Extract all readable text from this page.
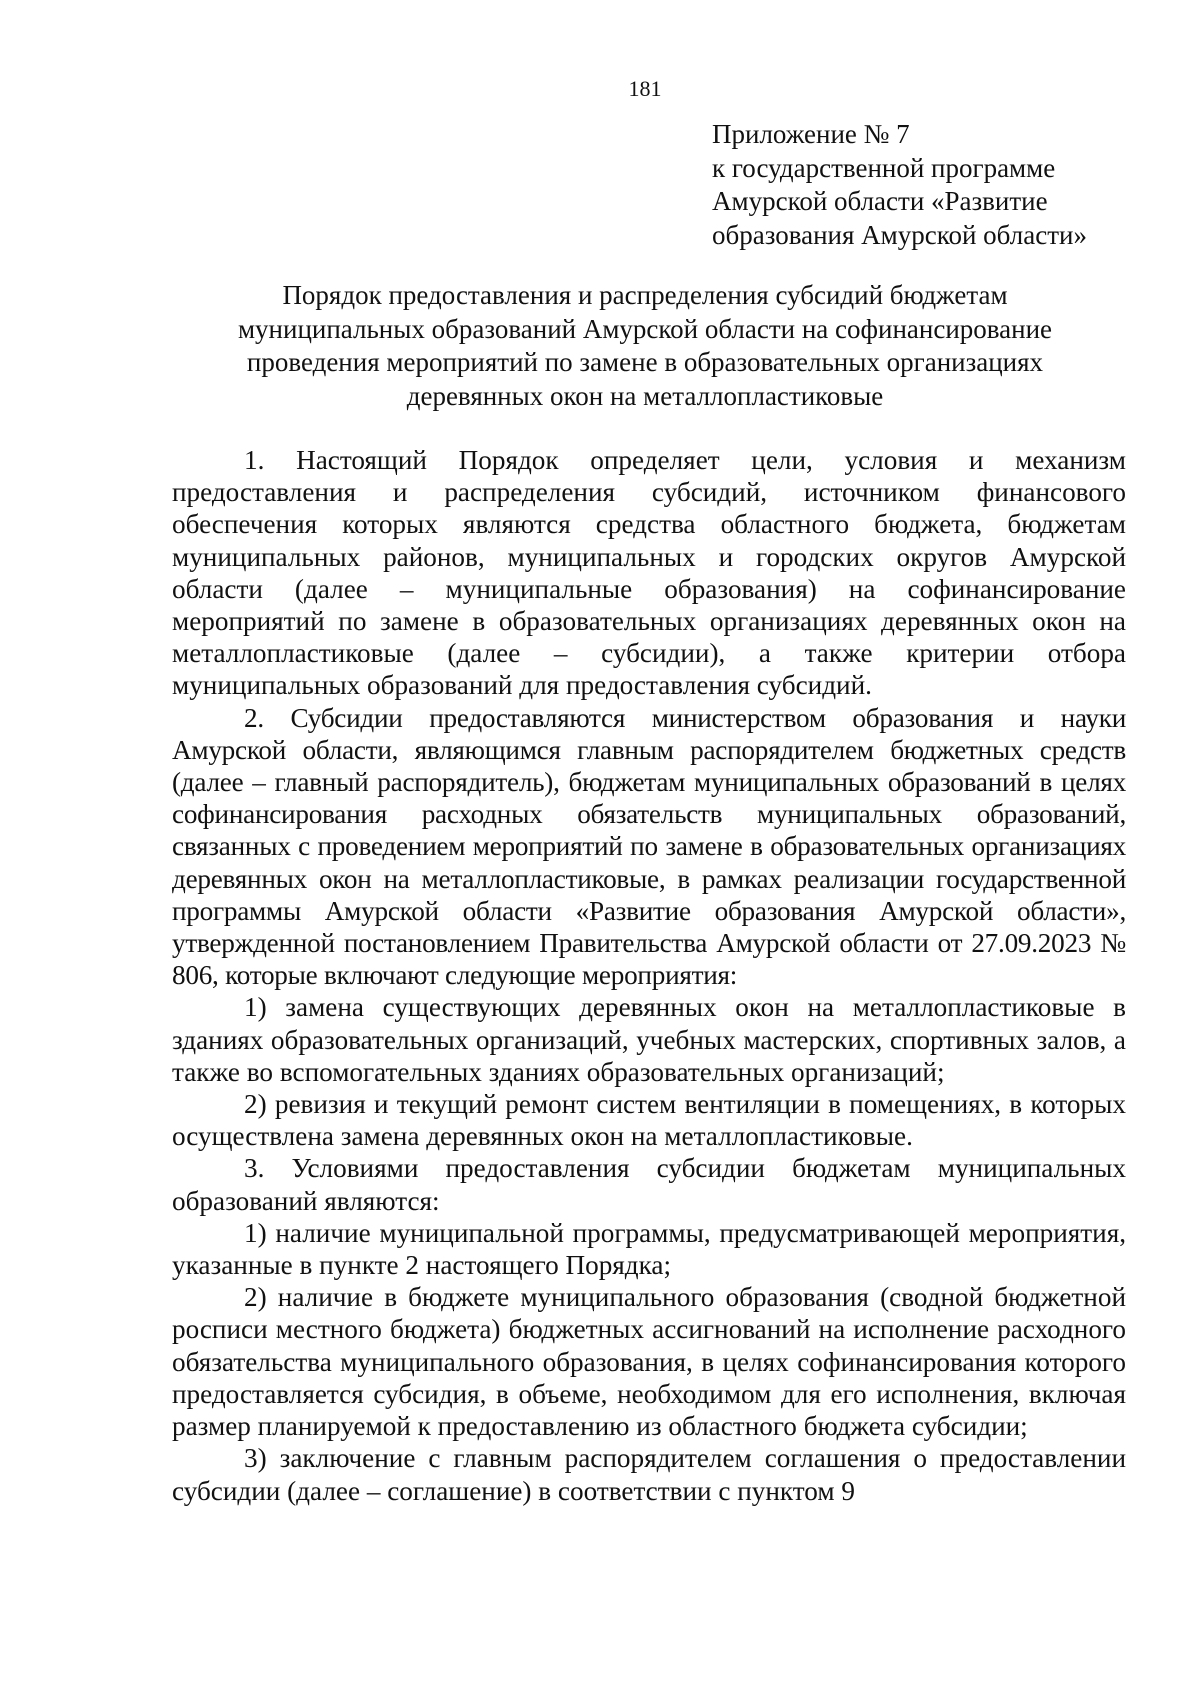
181
Приложение № 7
к государственной программе
Амурской области «Развитие
образования Амурской области»
Порядок предоставления и распределения субсидий бюджетам
муниципальных образований Амурской области на софинансирование
проведения мероприятий по замене в образовательных организациях
деревянных окон на металлопластиковые

1. Настоящий Порядок определяет цели, условия и механизм предоставления и распределения субсидий, источником финансового обеспечения которых являются средства областного бюджета, бюджетам муниципальных районов, муниципальных и городских округов Амурской области (далее – муниципальные образования) на софинансирование мероприятий по замене в образовательных организациях деревянных окон на металлопластиковые (далее – субсидии), а также критерии отбора муниципальных образований для предоставления субсидий.

2. Субсидии предоставляются министерством образования и науки Амурской области, являющимся главным распорядителем бюджетных средств (далее – главный распорядитель), бюджетам муниципальных образований в целях софинансирования расходных обязательств муниципальных образований, связанных с проведением мероприятий по замене в образовательных организациях деревянных окон на металлопластиковые, в рамках реализации государственной программы Амурской области «Развитие образования Амурской области», утвержденной постановлением Правительства Амурской области от 27.09.2023 № 806, которые включают следующие мероприятия:

1) замена существующих деревянных окон на металлопластиковые в зданиях образовательных организаций, учебных мастерских, спортивных залов, а также во вспомогательных зданиях образовательных организаций;

2) ревизия и текущий ремонт систем вентиляции в помещениях, в которых осуществлена замена деревянных окон на металлопластиковые.

3. Условиями предоставления субсидии бюджетам муниципальных образований являются:

1) наличие муниципальной программы, предусматривающей мероприятия, указанные в пункте 2 настоящего Порядка;

2) наличие в бюджете муниципального образования (сводной бюджетной росписи местного бюджета) бюджетных ассигнований на исполнение расходного обязательства муниципального образования, в целях софинансирования которого предоставляется субсидия, в объеме, необходимом для его исполнения, включая размер планируемой к предоставлению из областного бюджета субсидии;

3) заключение с главным распорядителем соглашения о предоставлении субсидии (далее – соглашение) в соответствии с пунктом 9
